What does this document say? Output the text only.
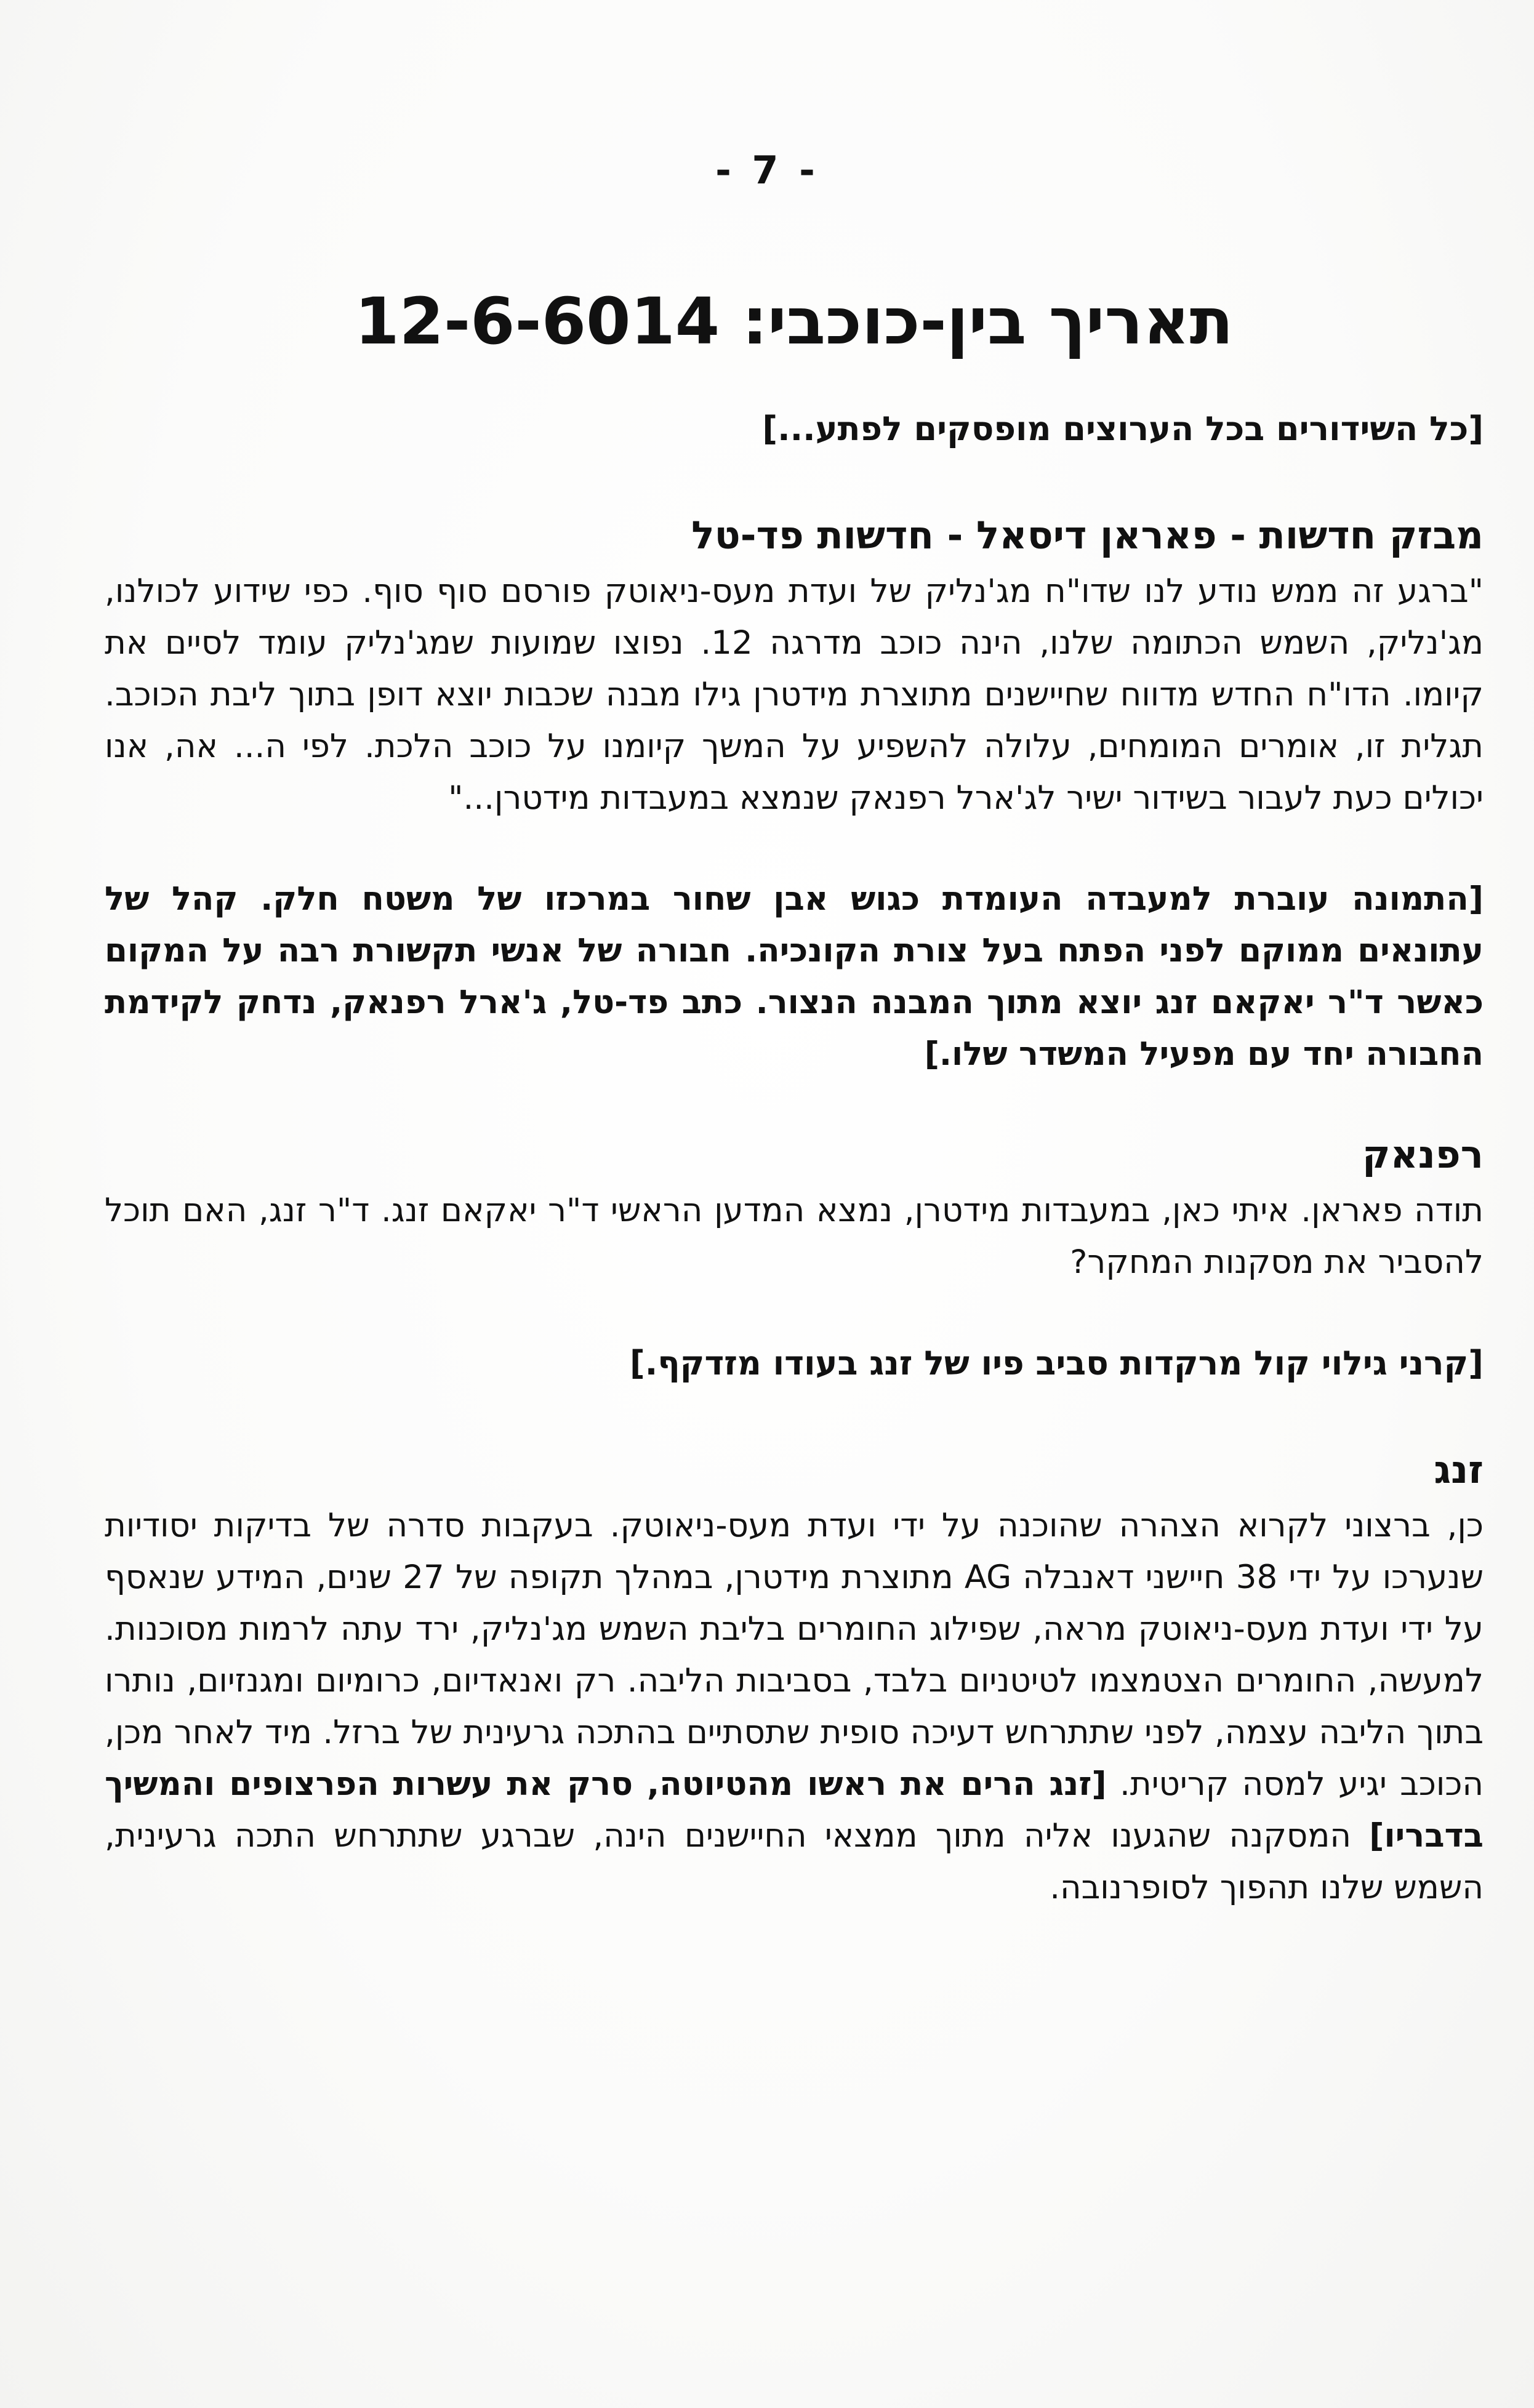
- 7 -
תאריך בין-כוכבי: 12-6-6014

[כל השידורים בכל הערוצים מופסקים לפתע...]

מבזק חדשות - פאראן דיסאל - חדשות פד-טל

"ברגע זה ממש נודע לנו שדו"ח מג'נליק של ועדת מעס-ניאוטק פורסם סוף סוף. כפי שידוע לכולנו, מג'נליק, השמש הכתומה שלנו, הינה כוכב מדרגה 12. נפוצו שמועות שמג'נליק עומד לסיים את קיומו. הדו"ח החדש מדווח שחיישנים מתוצרת מידטרן גילו מבנה שכבות יוצא דופן בתוך ליבת הכוכב. תגלית זו, אומרים המומחים, עלולה להשפיע על המשך קיומנו על כוכב הלכת. לפי ה... אה, אנו יכולים כעת לעבור בשידור ישיר לג'ארל רפנאק שנמצא במעבדות מידטרן..."

[התמונה עוברת למעבדה העומדת כגוש אבן שחור במרכזו של משטח חלק. קהל של עתונאים ממוקם לפני הפתח בעל צורת הקונכיה. חבורה של אנשי תקשורת רבה על המקום כאשר ד"ר יאקאם זנג יוצא מתוך המבנה הנצור. כתב פד-טל, ג'ארל רפנאק, נדחק לקידמת החבורה יחד עם מפעיל המשדר שלו.]

רפנאק

תודה פאראן. איתי כאן, במעבדות מידטרן, נמצא המדען הראשי ד"ר יאקאם זנג. ד"ר זנג, האם תוכל להסביר את מסקנות המחקר?

[קרני גילוי קול מרקדות סביב פיו של זנג בעודו מזדקף.]

זנג

כן, ברצוני לקרוא הצהרה שהוכנה על ידי ועדת מעס-ניאוטק. בעקבות סדרה של בדיקות יסודיות שנערכו על ידי 38 חיישני דאנבלה AG מתוצרת מידטרן, במהלך תקופה של 27 שנים, המידע שנאסף על ידי ועדת מעס-ניאוטק מראה, שפילוג החומרים בליבת השמש מג'נליק, ירד עתה לרמות מסוכנות. למעשה, החומרים הצטמצמו לטיטניום בלבד, בסביבות הליבה. רק ואנאדיום, כרומיום ומגנזיום, נותרו בתוך הליבה עצמה, לפני שתתרחש דעיכה סופית שתסתיים בהתכה גרעינית של ברזל. מיד לאחר מכן, הכוכב יגיע למסה קריטית. [זנג הרים את ראשו מהטיוטה, סרק את עשרות הפרצופים והמשיך בדבריו] המסקנה שהגענו אליה מתוך ממצאי החיישנים הינה, שברגע שתתרחש התכה גרעינית, השמש שלנו תהפוך לסופרנובה.
